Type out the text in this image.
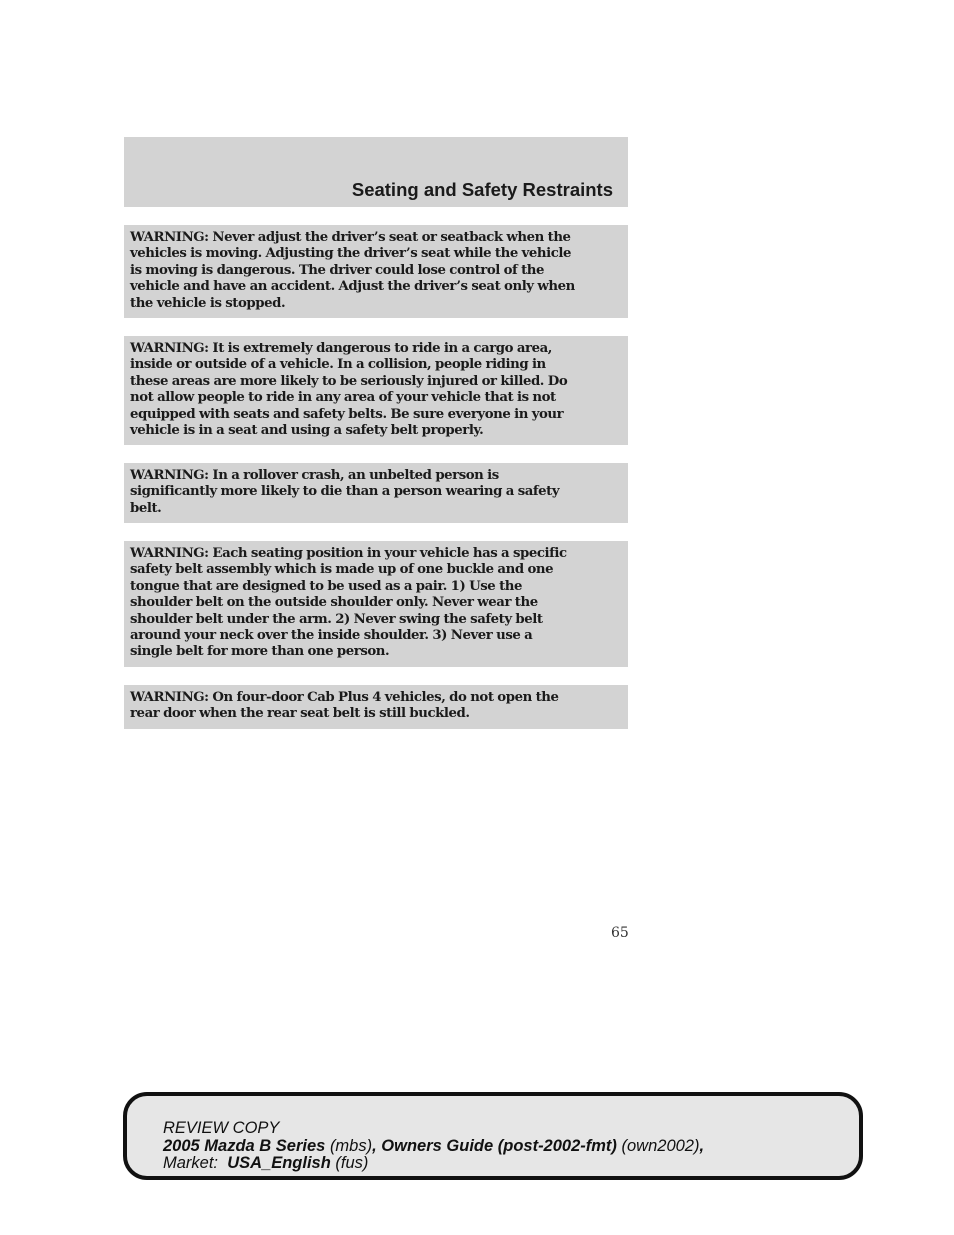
Seating and Safety Restraints

WARNING: Never adjust the driver’s seat or seatback when the
vehicles is moving. Adjusting the driver’s seat while the vehicle
is moving is dangerous. The driver could lose control of the
vehicle and have an accident. Adjust the driver’s seat only when
the vehicle is stopped.

WARNING: It is extremely dangerous to ride in a cargo area,
inside or outside of a vehicle. In a collision, people riding in
these areas are more likely to be seriously injured or killed. Do
not allow people to ride in any area of your vehicle that is not
equipped with seats and safety belts. Be sure everyone in your
vehicle is in a seat and using a safety belt properly.

WARNING: In a rollover crash, an unbelted person is
significantly more likely to die than a person wearing a safety
belt.

WARNING: Each seating position in your vehicle has a specific
safety belt assembly which is made up of one buckle and one
tongue that are designed to be used as a pair. 1) Use the
shoulder belt on the outside shoulder only. Never wear the
shoulder belt under the arm. 2) Never swing the safety belt
around your neck over the inside shoulder. 3) Never use a
single belt for more than one person.

WARNING: On four-door Cab Plus 4 vehicles, do not open the
rear door when the rear seat belt is still buckled.

65
REVIEW COPY
2005 Mazda B Series (mbs), Owners Guide (post-2002-fmt) (own2002),
Market: USA_English (fus)
